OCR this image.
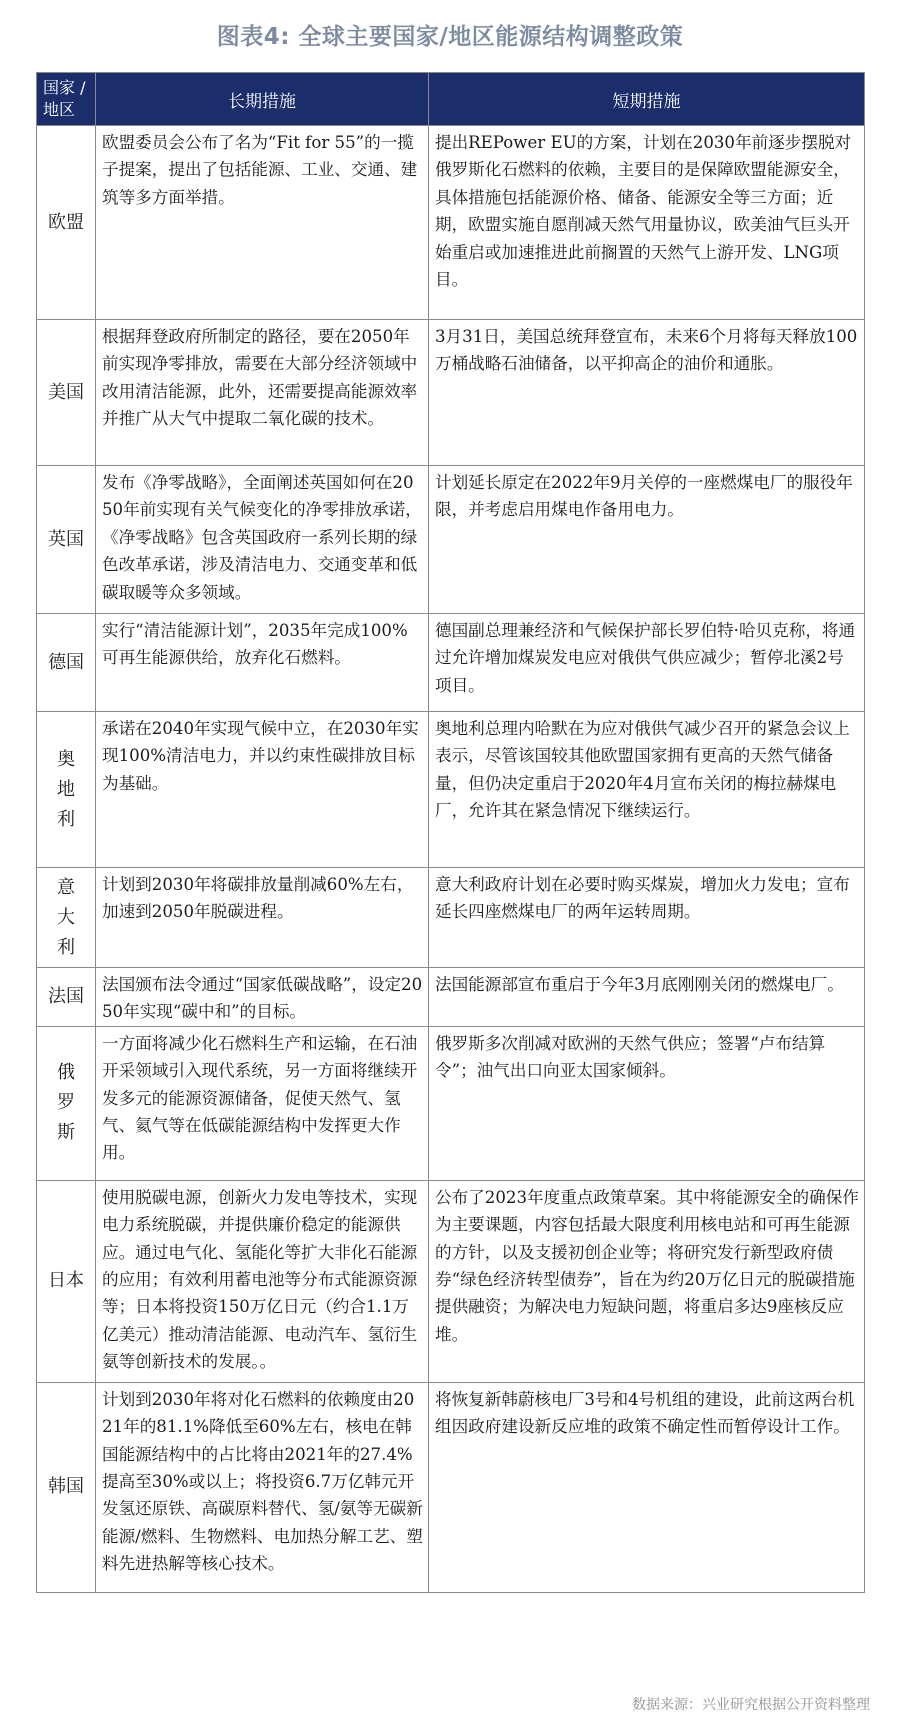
图表4: 全球主要国家/地区能源结构调整政策
国家 / 地区	长期措施	短期措施
欧盟	欧盟委员会公布了名为“Fit for 55”的一揽子提案，提出了包括能源、工业、交通、建筑等多方面举措。	提出REPower EU的方案，计划在2030年前逐步摆脱对俄罗斯化石燃料的依赖，主要目的是保障欧盟能源安全，具体措施包括能源价格、储备、能源安全等三方面；近期，欧盟实施自愿削减天然气用量协议，欧美油气巨头开始重启或加速推进此前搁置的天然气上游开发、LNG项目。
美国	根据拜登政府所制定的路径，要在2050年前实现净零排放，需要在大部分经济领域中改用清洁能源，此外，还需要提高能源效率并推广从大气中提取二氧化碳的技术。	3月31日，美国总统拜登宣布，未来6个月将每天释放100万桶战略石油储备，以平抑高企的油价和通胀。
英国	发布《净零战略》，全面阐述英国如何在2050年前实现有关气候变化的净零排放承诺，《净零战略》包含英国政府一系列长期的绿色改革承诺，涉及清洁电力、交通变革和低碳取暖等众多领域。	计划延长原定在2022年9月关停的一座燃煤电厂的服役年限，并考虑启用煤电作备用电力。
德国	实行“清洁能源计划”，2035年完成100%可再生能源供给，放弃化石燃料。	德国副总理兼经济和气候保护部长罗伯特·哈贝克称，将通过允许增加煤炭发电应对俄供气供应减少；暂停北溪2号项目。
奥地利	承诺在2040年实现气候中立，在2030年实现100%清洁电力，并以约束性碳排放目标为基础。	奥地利总理内哈默在为应对俄供气减少召开的紧急会议上表示，尽管该国较其他欧盟国家拥有更高的天然气储备量，但仍决定重启于2020年4月宣布关闭的梅拉赫煤电厂，允许其在紧急情况下继续运行。
意大利	计划到2030年将碳排放量削减60%左右，加速到2050年脱碳进程。	意大利政府计划在必要时购买煤炭，增加火力发电；宣布延长四座燃煤电厂的两年运转周期。
法国	法国颁布法令通过“国家低碳战略”，设定2050年实现“碳中和”的目标。	法国能源部宣布重启于今年3月底刚刚关闭的燃煤电厂。
俄罗斯	一方面将减少化石燃料生产和运输，在石油开采领域引入现代系统，另一方面将继续开发多元的能源资源储备，促使天然气、氢气、氦气等在低碳能源结构中发挥更大作用。	俄罗斯多次削减对欧洲的天然气供应；签署“卢布结算令”；油气出口向亚太国家倾斜。
日本	使用脱碳电源，创新火力发电等技术，实现电力系统脱碳，并提供廉价稳定的能源供应。通过电气化、氢能化等扩大非化石能源的应用；有效利用蓄电池等分布式能源资源等；日本将投资150万亿日元（约合1.1万亿美元）推动清洁能源、电动汽车、氢衍生氨等创新技术的发展。。	公布了2023年度重点政策草案。其中将能源安全的确保作为主要课题，内容包括最大限度利用核电站和可再生能源的方针，以及支援初创企业等；将研究发行新型政府债券“绿色经济转型债券”，旨在为约20万亿日元的脱碳措施提供融资；为解决电力短缺问题，将重启多达9座核反应堆。
韩国	计划到2030年将对化石燃料的依赖度由2021年的81.1%降低至60%左右，核电在韩国能源结构中的占比将由2021年的27.4%提高至30%或以上；将投资6.7万亿韩元开发氢还原铁、高碳原料替代、氢/氨等无碳新能源/燃料、生物燃料、电加热分解工艺、塑料先进热解等核心技术。	将恢复新韩蔚核电厂3号和4号机组的建设，此前这两台机组因政府建设新反应堆的政策不确定性而暂停设计工作。
数据来源：兴业研究根据公开资料整理
